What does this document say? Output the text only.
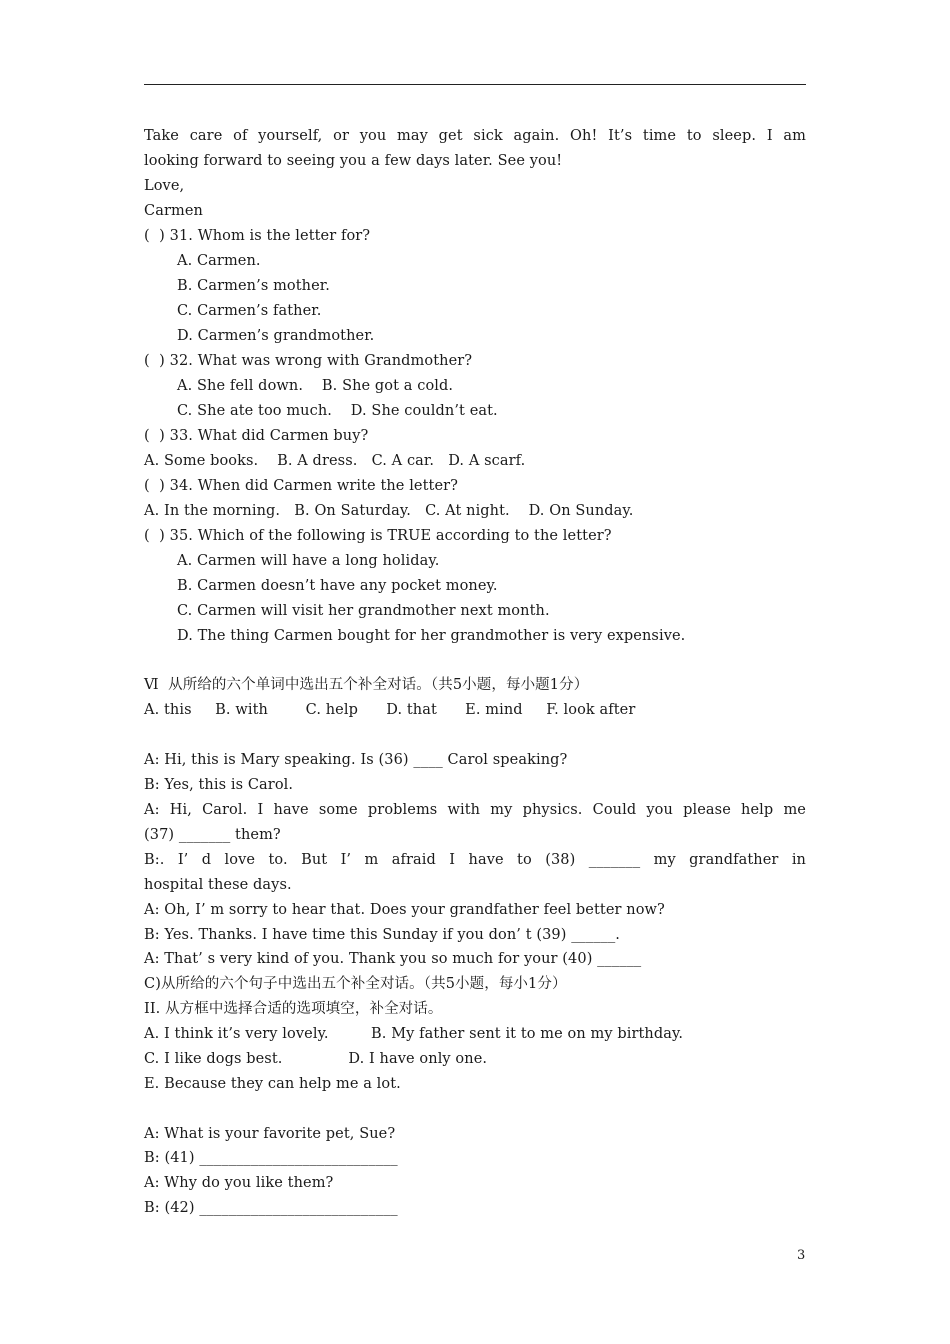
Take care of yourself, or you may get sick again. Oh! It’s time to sleep. I am
looking forward to seeing you a few days later. See you!
Love,
Carmen
(  ) 31. Whom is the letter for?
A. Carmen.
B. Carmen’s mother.
C. Carmen’s father.
D. Carmen’s grandmother.
(  ) 32. What was wrong with Grandmother?
A. She fell down.    B. She got a cold.
C. She ate too much.    D. She couldn’t eat.
(  ) 33. What did Carmen buy?
A. Some books.    B. A dress.   C. A car.   D. A scarf.
(  ) 34. When did Carmen write the letter?
A. In the morning.   B. On Saturday.   C. At night.    D. On Sunday.
(  ) 35. Which of the following is TRUE according to the letter?
A. Carmen will have a long holiday.
B. Carmen doesn’t have any pocket money.
C. Carmen will visit her grandmother next month.
D. The thing Carmen bought for her grandmother is very expensive.
Ⅵ  从所给的六个单词中选出五个补全对话。（共5小题，每小题1分）
A. this     B. with        C. help      D. that      E. mind     F. look after
A: Hi, this is Mary speaking. Is (36) ____ Carol speaking?
B: Yes, this is Carol.
A: Hi, Carol. I have some problems with my physics. Could you please help me
(37) _______ them?
B:. I’ d love to. But I’ m afraid I have to (38) _______ my grandfather in
hospital these days.
A: Oh, I’ m sorry to hear that. Does your grandfather feel better now?
B: Yes. Thanks. I have time this Sunday if you don’ t (39) ______.
A: That’ s very kind of you. Thank you so much for your (40) ______
C)从所给的六个句子中选出五个补全对话。（共5小题，每小1分）
II. 从方框中选择合适的选项填空，补全对话。
A. I think it’s very lovely.         B. My father sent it to me on my birthday.
C. I like dogs best.              D. I have only one.
E. Because they can help me a lot.
A: What is your favorite pet, Sue?
B: (41) ___________________________
A: Why do you like them?
B: (42) ___________________________
3
